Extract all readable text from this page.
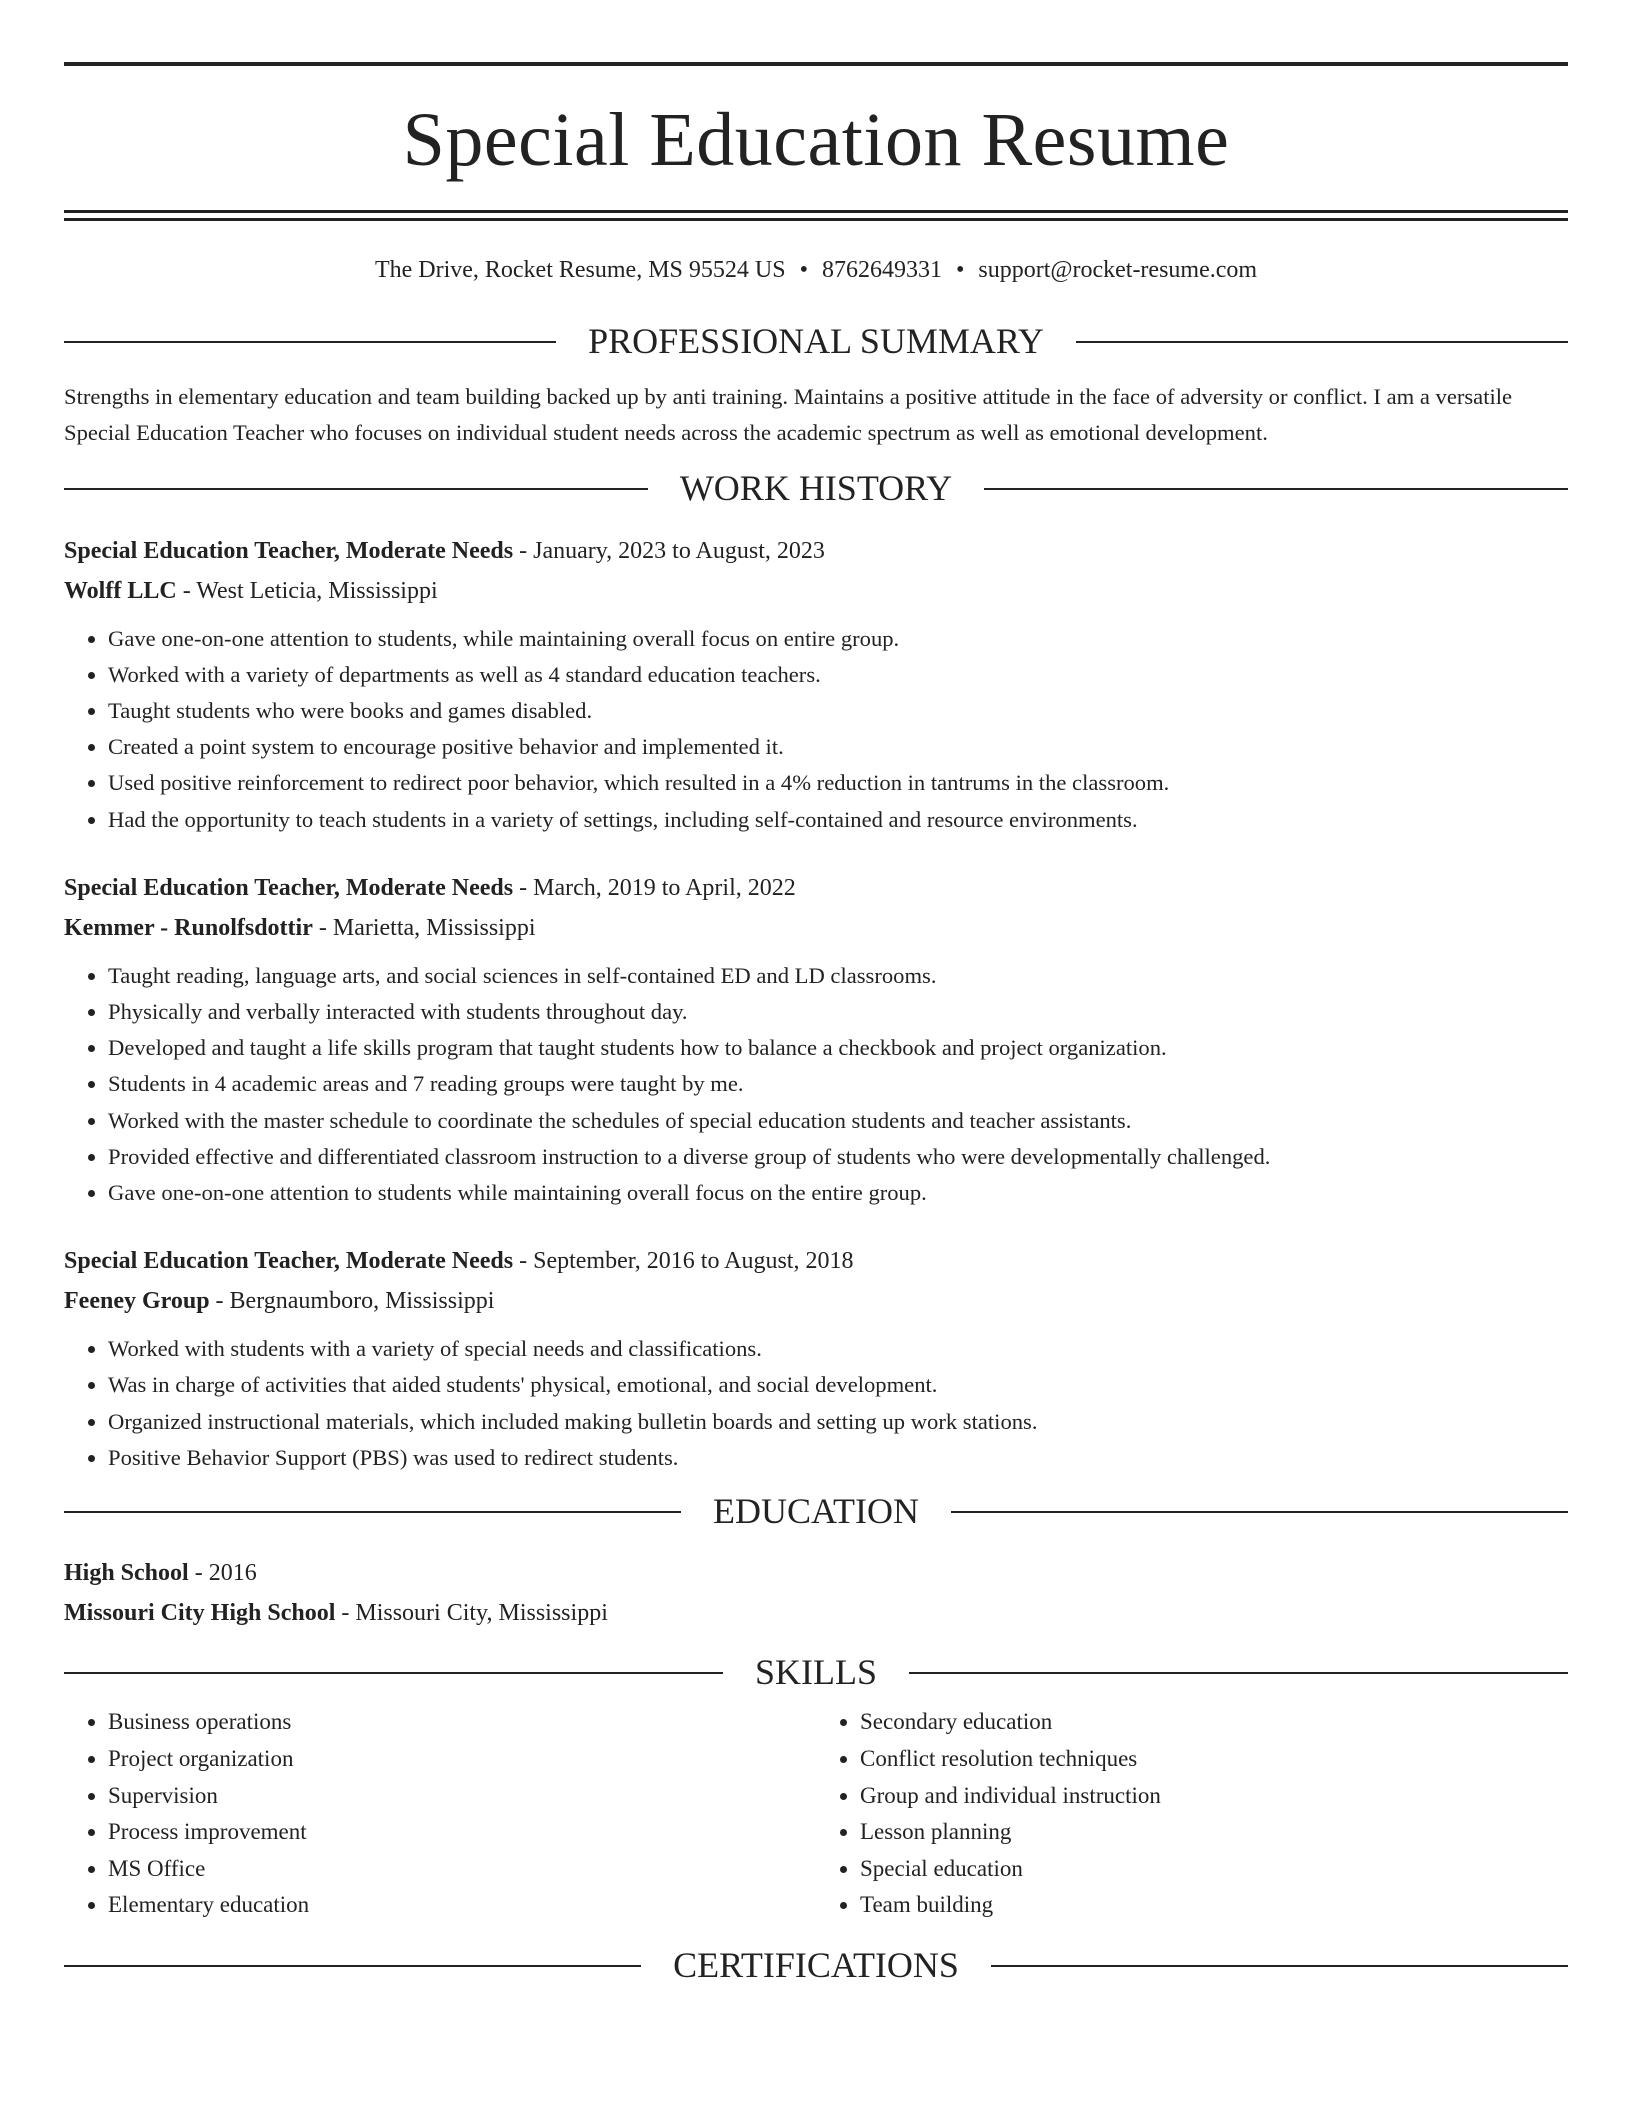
Special Education Resume
The Drive, Rocket Resume, MS 95524 US • 8762649331 • support@rocket-resume.com
PROFESSIONAL SUMMARY

Strengths in elementary education and team building backed up by anti training. Maintains a positive attitude in the face of adversity or conflict. I am a versatile Special Education Teacher who focuses on individual student needs across the academic spectrum as well as emotional development.

WORK HISTORY
Special Education Teacher, Moderate Needs - January, 2023 to August, 2023
Wolff LLC - West Leticia, Mississippi
• Gave one-on-one attention to students, while maintaining overall focus on entire group.
• Worked with a variety of departments as well as 4 standard education teachers.
• Taught students who were books and games disabled.
• Created a point system to encourage positive behavior and implemented it.
• Used positive reinforcement to redirect poor behavior, which resulted in a 4% reduction in tantrums in the classroom.
• Had the opportunity to teach students in a variety of settings, including self-contained and resource environments.
Special Education Teacher, Moderate Needs - March, 2019 to April, 2022
Kemmer - Runolfsdottir - Marietta, Mississippi
• Taught reading, language arts, and social sciences in self-contained ED and LD classrooms.
• Physically and verbally interacted with students throughout day.
• Developed and taught a life skills program that taught students how to balance a checkbook and project organization.
• Students in 4 academic areas and 7 reading groups were taught by me.
• Worked with the master schedule to coordinate the schedules of special education students and teacher assistants.
• Provided effective and differentiated classroom instruction to a diverse group of students who were developmentally challenged.
• Gave one-on-one attention to students while maintaining overall focus on the entire group.
Special Education Teacher, Moderate Needs - September, 2016 to August, 2018
Feeney Group - Bergnaumboro, Mississippi
• Worked with students with a variety of special needs and classifications.
• Was in charge of activities that aided students' physical, emotional, and social development.
• Organized instructional materials, which included making bulletin boards and setting up work stations.
• Positive Behavior Support (PBS) was used to redirect students.
EDUCATION
High School - 2016
Missouri City High School - Missouri City, Mississippi
SKILLS
• Business operations
• Project organization
• Supervision
• Process improvement
• MS Office
• Elementary education
• Secondary education
• Conflict resolution techniques
• Group and individual instruction
• Lesson planning
• Special education
• Team building
CERTIFICATIONS
